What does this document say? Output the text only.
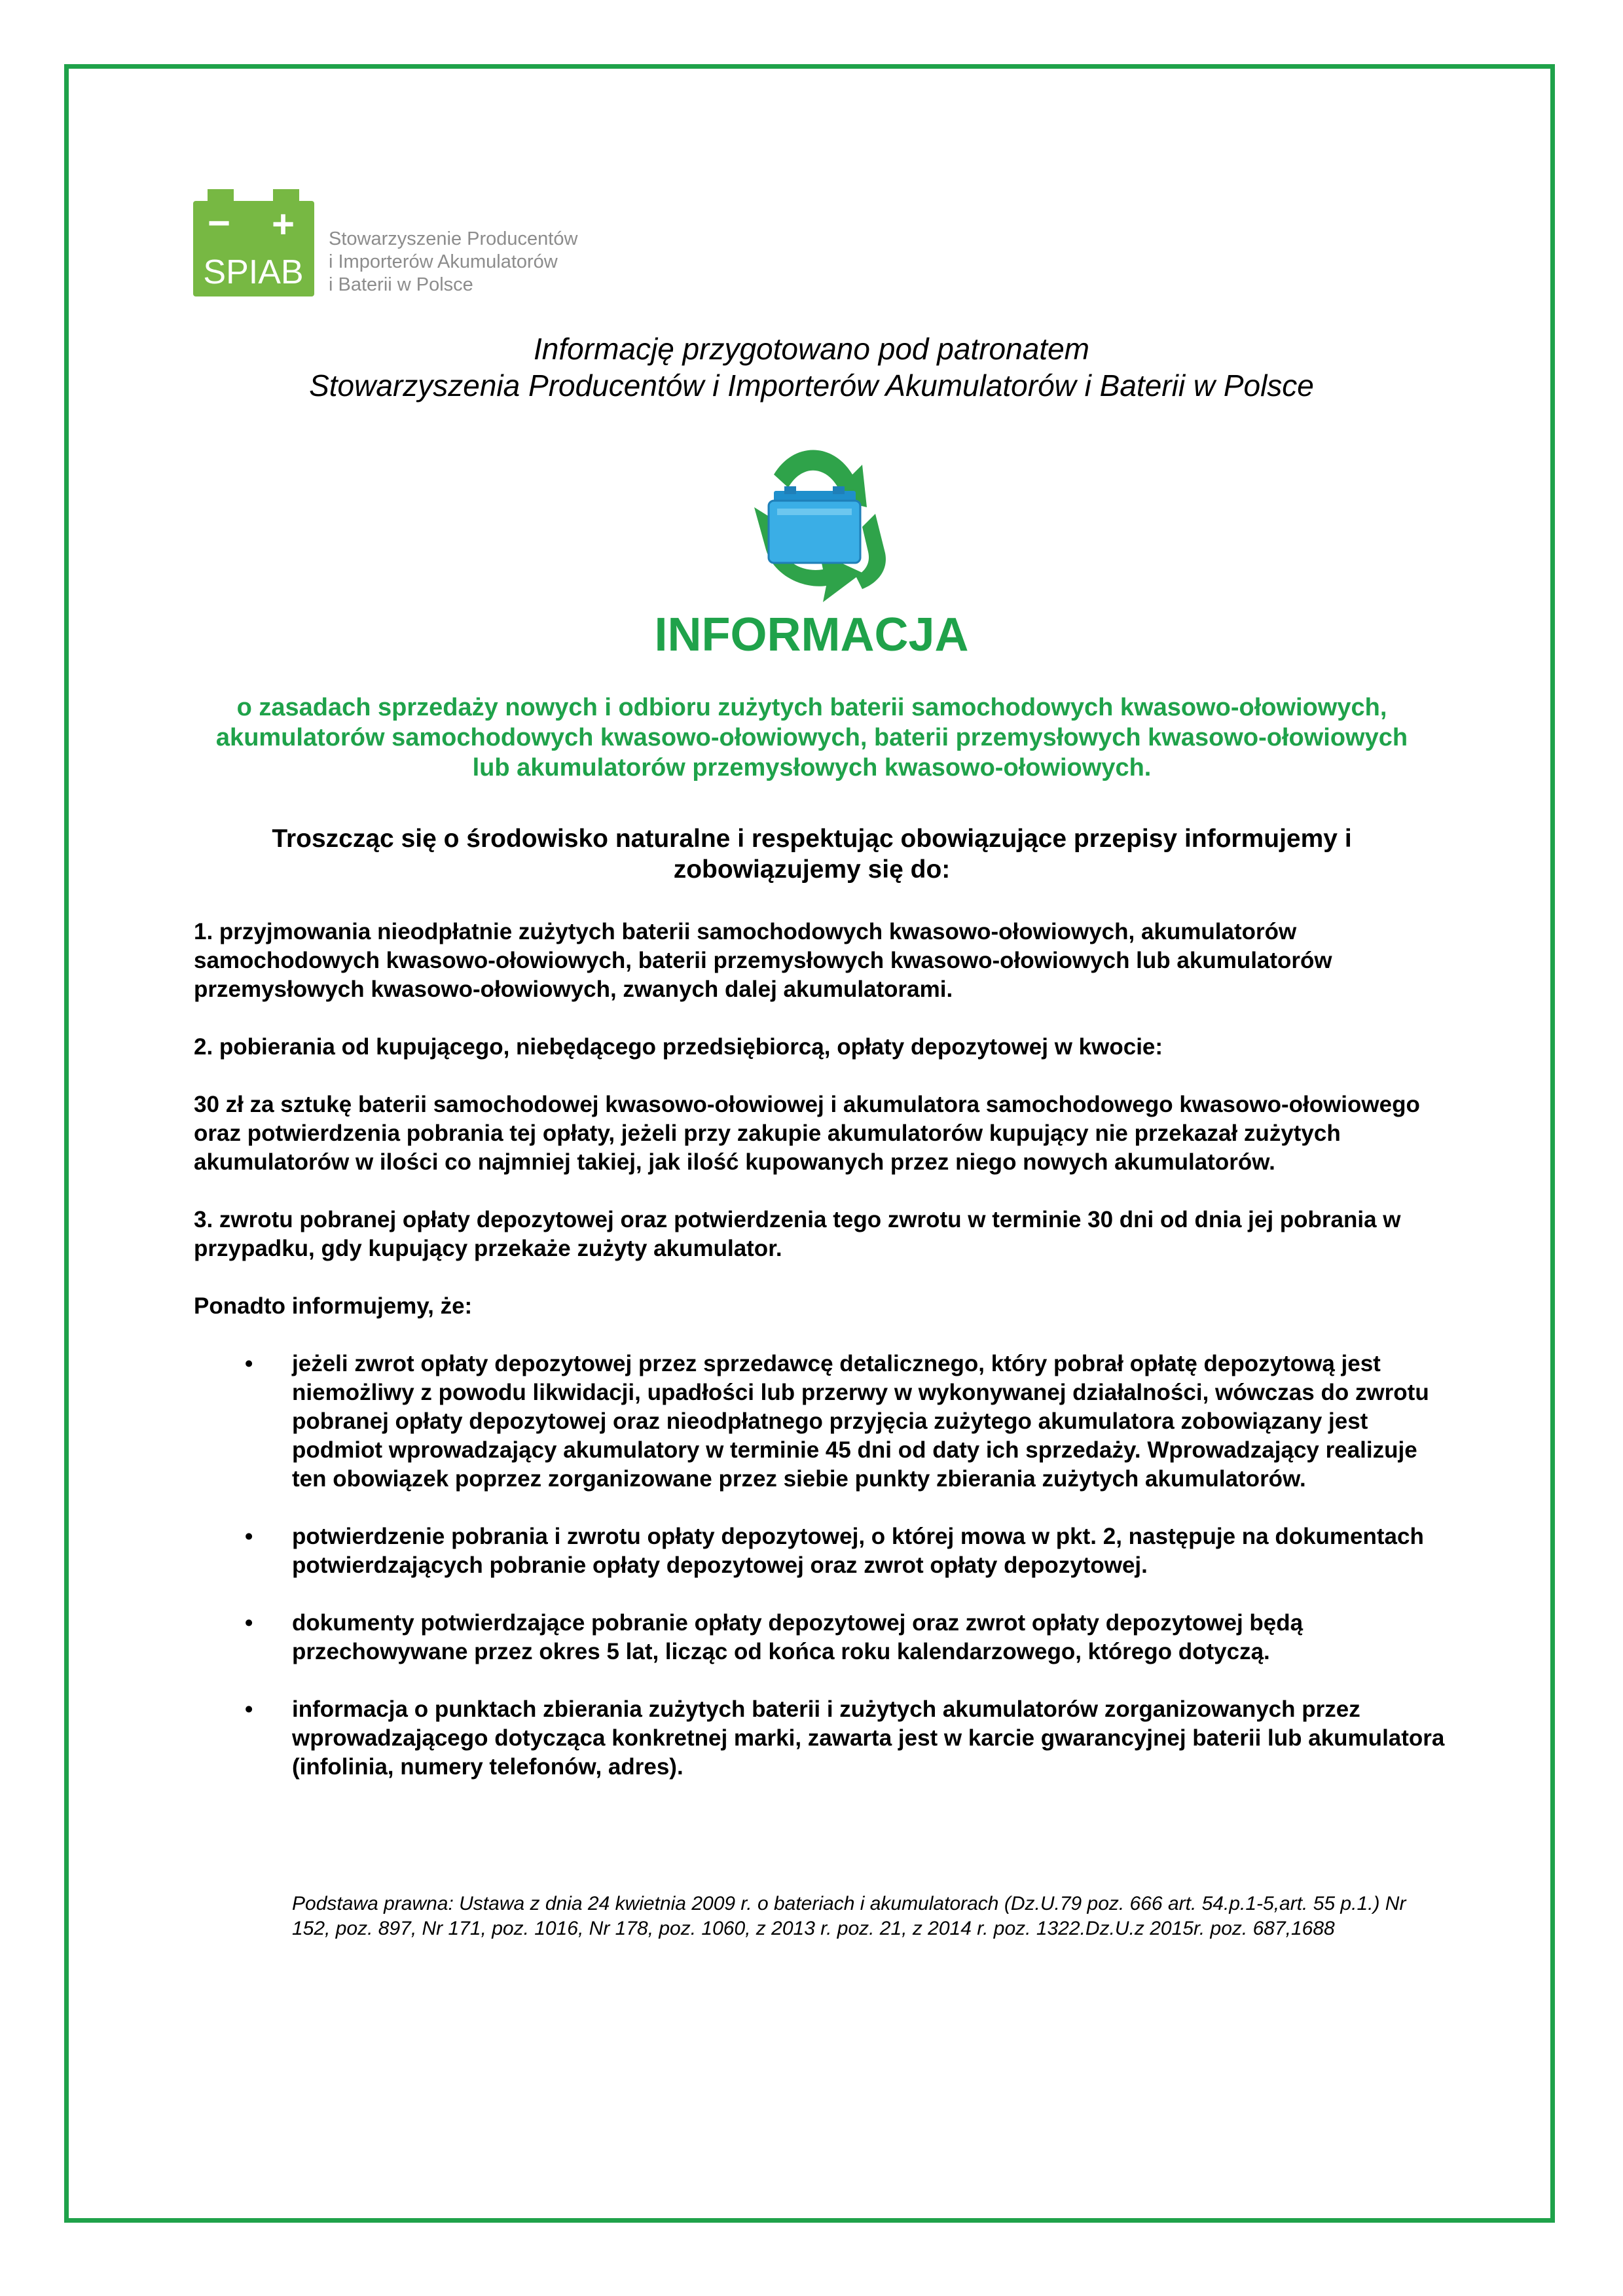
− +
SPIAB
Stowarzyszenie Producentów
i Importerów Akumulatorów
i Baterii w Polsce
Informację przygotowano pod patronatem
Stowarzyszenia Producentów i Importerów Akumulatorów i Baterii w Polsce
INFORMACJA
o zasadach sprzedaży nowych i odbioru zużytych baterii samochodowych kwasowo-ołowiowych, akumulatorów samochodowych kwasowo-ołowiowych, baterii przemysłowych kwasowo-ołowiowych lub akumulatorów przemysłowych kwasowo-ołowiowych.
Troszcząc się o środowisko naturalne i respektując obowiązujące przepisy informujemy i zobowiązujemy się do:

1. przyjmowania nieodpłatnie zużytych baterii samochodowych kwasowo-ołowiowych, akumulatorów samochodowych kwasowo-ołowiowych, baterii przemysłowych kwasowo-ołowiowych lub akumulatorów przemysłowych kwasowo-ołowiowych, zwanych dalej akumulatorami.

2. pobierania od kupującego, niebędącego przedsiębiorcą, opłaty depozytowej w kwocie:

30 zł za sztukę baterii samochodowej kwasowo-ołowiowej i akumulatora samochodowego kwasowo-ołowiowego oraz potwierdzenia pobrania tej opłaty, jeżeli przy zakupie akumulatorów kupujący nie przekazał zużytych akumulatorów w ilości co najmniej takiej, jak ilość kupowanych przez niego nowych akumulatorów.

3. zwrotu pobranej opłaty depozytowej oraz potwierdzenia tego zwrotu w terminie 30 dni od dnia jej pobrania w przypadku, gdy kupujący przekaże zużyty akumulator.

Ponadto informujemy, że:

• jeżeli zwrot opłaty depozytowej przez sprzedawcę detalicznego, który pobrał opłatę depozytową jest niemożliwy z powodu likwidacji, upadłości lub przerwy w wykonywanej działalności, wówczas do zwrotu pobranej opłaty depozytowej oraz nieodpłatnego przyjęcia zużytego akumulatora zobowiązany jest podmiot wprowadzający akumulatory w terminie 45 dni od daty ich sprzedaży. Wprowadzający realizuje ten obowiązek poprzez zorganizowane przez siebie punkty zbierania zużytych akumulatorów.
• potwierdzenie pobrania i zwrotu opłaty depozytowej, o której mowa w pkt. 2, następuje na dokumentach potwierdzających pobranie opłaty depozytowej oraz zwrot opłaty depozytowej.
• dokumenty potwierdzające pobranie opłaty depozytowej oraz zwrot opłaty depozytowej będą przechowywane przez okres 5 lat, licząc od końca roku kalendarzowego, którego dotyczą.
• informacja o punktach zbierania zużytych baterii i zużytych akumulatorów zorganizowanych przez wprowadzającego dotycząca konkretnej marki, zawarta jest w karcie gwarancyjnej baterii lub akumulatora (infolinia, numery telefonów, adres).
Podstawa prawna: Ustawa z dnia 24 kwietnia 2009 r. o bateriach i akumulatorach (Dz.U.79 poz. 666 art. 54.p.1-5,art. 55 p.1.) Nr 152, poz. 897, Nr 171, poz. 1016, Nr 178, poz. 1060, z 2013 r. poz. 21, z 2014 r. poz. 1322.Dz.U.z 2015r. poz. 687,1688
